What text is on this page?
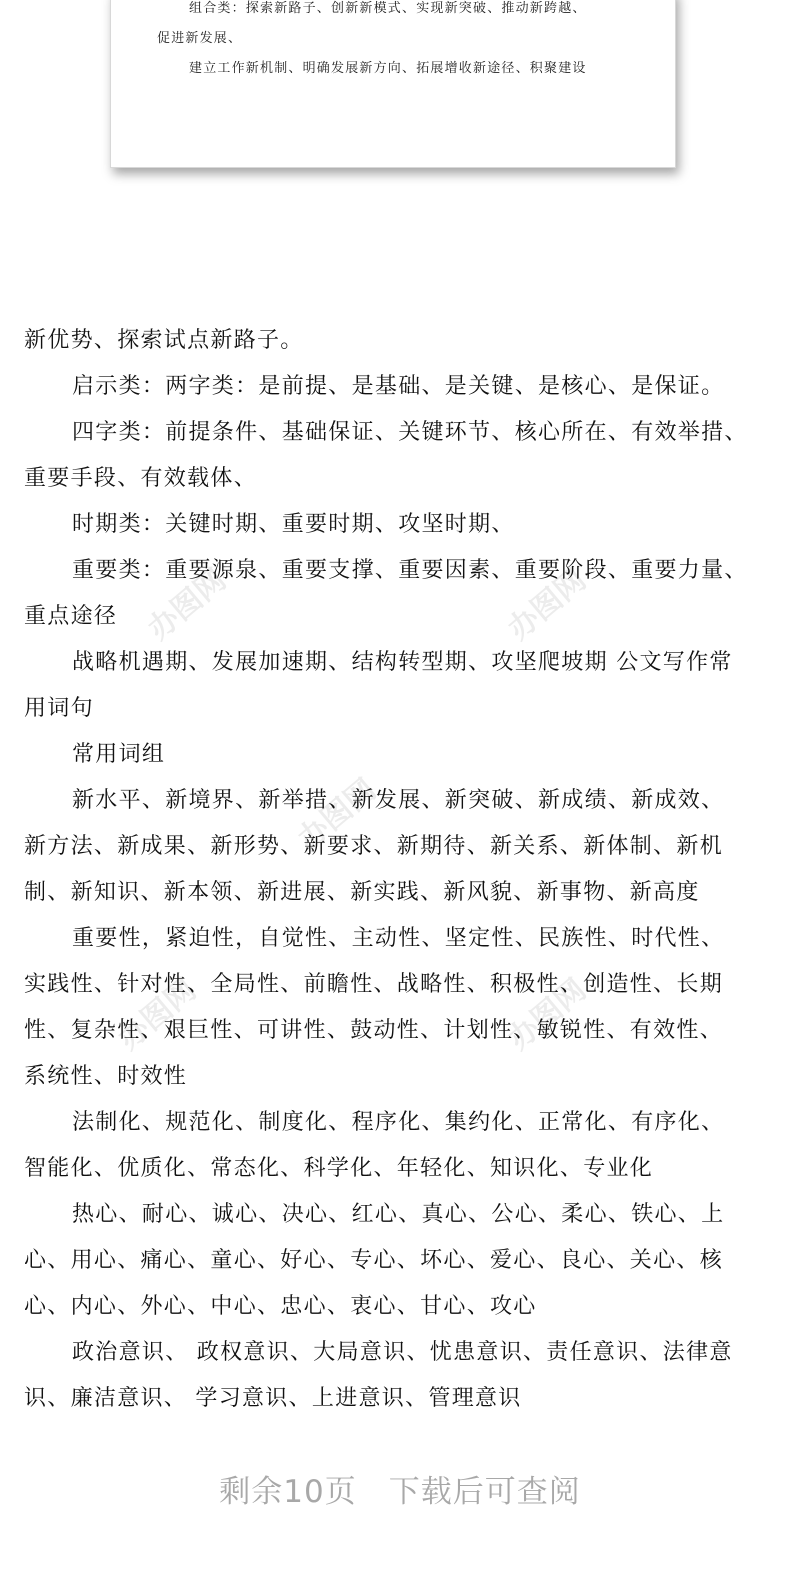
组合类：探索新路子、创新新模式、实现新突破、推动新跨越、
促进新发展、
建立工作新机制、明确发展新方向、拓展增收新途径、积聚建设
办图网	办图网
办图网
办图网	办图网
新优势、探索试点新路子。
启示类：两字类：是前提、是基础、是关键、是核心、是保证。
四字类：前提条件、基础保证、关键环节、核心所在、有效举措、
重要手段、有效载体、
时期类：关键时期、重要时期、攻坚时期、
重要类：重要源泉、重要支撑、重要因素、重要阶段、重要力量、
重点途径
战略机遇期、发展加速期、结构转型期、攻坚爬坡期 公文写作常
用词句
常用词组
新水平、新境界、新举措、新发展、新突破、新成绩、新成效、
新方法、新成果、新形势、新要求、新期待、新关系、新体制、新机
制、新知识、新本领、新进展、新实践、新风貌、新事物、新高度
重要性，紧迫性，自觉性、主动性、坚定性、民族性、时代性、
实践性、针对性、全局性、前瞻性、战略性、积极性、创造性、长期
性、复杂性、艰巨性、可讲性、鼓动性、计划性、敏锐性、有效性、
系统性、时效性
法制化、规范化、制度化、程序化、集约化、正常化、有序化、
智能化、优质化、常态化、科学化、年轻化、知识化、专业化
热心、耐心、诚心、决心、红心、真心、公心、柔心、铁心、上
心、用心、痛心、童心、好心、专心、坏心、爱心、良心、关心、核
心、内心、外心、中心、忠心、衷心、甘心、攻心
政治意识、 政权意识、大局意识、忧患意识、责任意识、法律意
识、廉洁意识、 学习意识、上进意识、管理意识
剩余10页　下载后可查阅
